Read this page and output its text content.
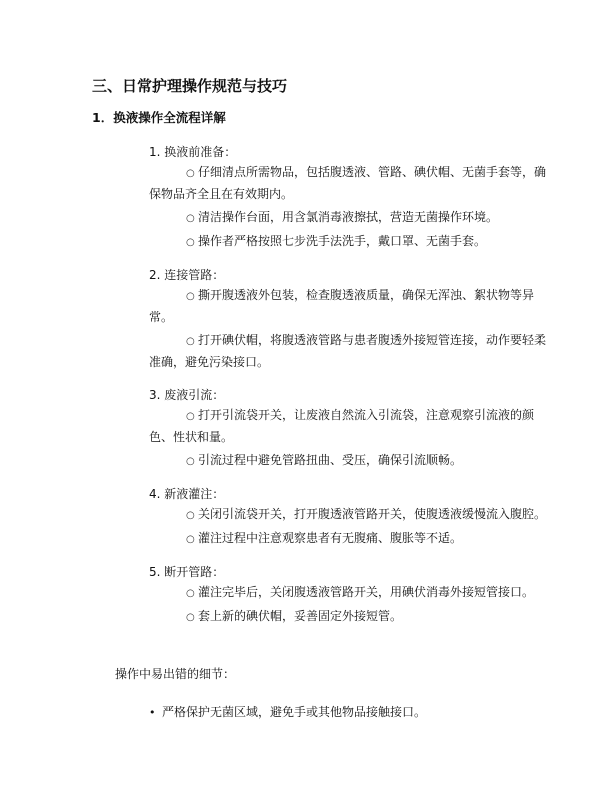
三、日常护理操作规范与技巧
1．换液操作全流程详解
1. 换液前准备：
○ 仔细清点所需物品，包括腹透液、管路、碘伏帽、无菌手套等，确保物品齐全且在有效期内。
○ 清洁操作台面，用含氯消毒液擦拭，营造无菌操作环境。
○ 操作者严格按照七步洗手法洗手，戴口罩、无菌手套。
2. 连接管路：
○ 撕开腹透液外包装，检查腹透液质量，确保无浑浊、絮状物等异常。
○ 打开碘伏帽，将腹透液管路与患者腹透外接短管连接，动作要轻柔准确，避免污染接口。
3. 废液引流：
○ 打开引流袋开关，让废液自然流入引流袋，注意观察引流液的颜色、性状和量。
○ 引流过程中避免管路扭曲、受压，确保引流顺畅。
4. 新液灌注：
○ 关闭引流袋开关，打开腹透液管路开关，使腹透液缓慢流入腹腔。
○ 灌注过程中注意观察患者有无腹痛、腹胀等不适。
5. 断开管路：
○ 灌注完毕后，关闭腹透液管路开关，用碘伏消毒外接短管接口。
○ 套上新的碘伏帽，妥善固定外接短管。
操作中易出错的细节：
• 严格保护无菌区域，避免手或其他物品接触接口。
